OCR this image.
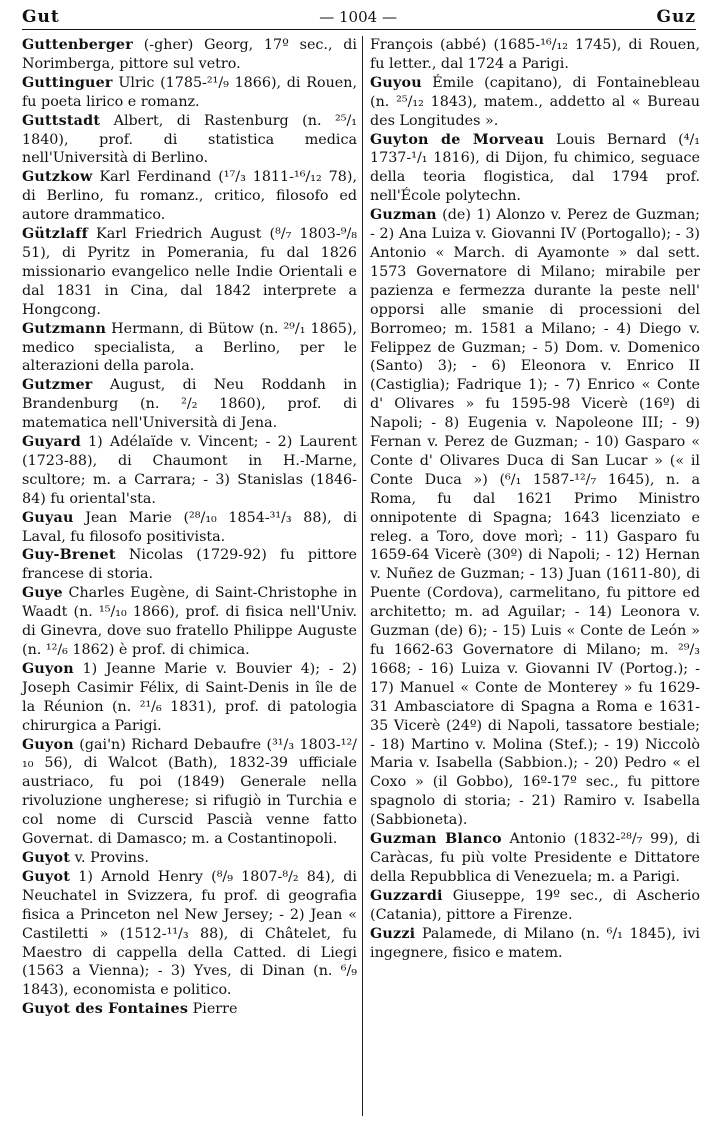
Gut	— 1004 —	Guz

Guttenberger (-gher) Georg, 17º sec., di Norimberga, pittore sul vetro.

Guttinguer Ulric (1785-²¹/₉ 1866), di Rouen, fu poeta lirico e romanz.

Guttstadt Albert, di Rastenburg (n. ²⁵/₁ 1840), prof. di statistica medica nell'Università di Berlino.

Gutzkow Karl Ferdinand (¹⁷/₃ 1811-¹⁶/₁₂ 78), di Berlino, fu romanz., critico, filosofo ed autore drammatico.

Gützlaff Karl Friedrich August (⁸/₇ 1803-⁹/₈ 51), di Pyritz in Pomerania, fu dal 1826 missionario evangelico nelle Indie Orientali e dal 1831 in Cina, dal 1842 interprete a Hongcong.

Gutzmann Hermann, di Bütow (n. ²⁹/₁ 1865), medico specialista, a Berlino, per le alterazioni della parola.

Gutzmer August, di Neu Roddanh in Brandenburg (n. ²/₂ 1860), prof. di matematica nell'Università di Jena.

Guyard 1) Adélaïde v. Vincent; - 2) Laurent (1723-88), di Chaumont in H.-Marne, scultore; m. a Carrara; - 3) Stanislas (1846-84) fu oriental'sta.

Guyau Jean Marie (²⁸/₁₀ 1854-³¹/₃ 88), di Laval, fu filosofo positivista.

Guy-Brenet Nicolas (1729-92) fu pittore francese di storia.

Guye Charles Eugène, di Saint-Christophe in Waadt (n. ¹⁵/₁₀ 1866), prof. di fisica nell'Univ. di Ginevra, dove suo fratello Philippe Auguste (n. ¹²/₆ 1862) è prof. di chimica.

Guyon 1) Jeanne Marie v. Bouvier 4); - 2) Joseph Casimir Félix, di Saint-Denis in île de la Réunion (n. ²¹/₆ 1831), prof. di patologia chirurgica a Parigi.

Guyon (gai'n) Richard Debaufre (³¹/₃ 1803-¹²/₁₀ 56), di Walcot (Bath), 1832-39 ufficiale austriaco, fu poi (1849) Generale nella rivoluzione ungherese; si rifugiò in Turchia e col nome di Curscid Pascià venne fatto Governat. di Damasco; m. a Costantinopoli.

Guyot v. Provins.

Guyot 1) Arnold Henry (⁸/₉ 1807-⁸/₂ 84), di Neuchatel in Svizzera, fu prof. di geografia fisica a Princeton nel New Jersey; - 2) Jean « Castiletti » (1512-¹¹/₃ 88), di Châtelet, fu Maestro di cappella della Catted. di Liegi (1563 a Vienna); - 3) Yves, di Dinan (n. ⁶/₉ 1843), economista e politico.

Guyot des Fontaines Pierre

François (abbé) (1685-¹⁶/₁₂ 1745), di Rouen, fu letter., dal 1724 a Parigi.

Guyou Émile (capitano), di Fontainebleau (n. ²⁵/₁₂ 1843), matem., addetto al « Bureau des Longitudes ».

Guyton de Morveau Louis Bernard (⁴/₁ 1737-¹/₁ 1816), di Dijon, fu chimico, seguace della teoria flogistica, dal 1794 prof. nell'École polytechn.

Guzman (de) 1) Alonzo v. Perez de Guzman; - 2) Ana Luiza v. Giovanni IV (Portogallo); - 3) Antonio « March. di Ayamonte » dal sett. 1573 Governatore di Milano; mirabile per pazienza e fermezza durante la peste nell' opporsi alle smanie di processioni del Borromeo; m. 1581 a Milano; - 4) Diego v. Felippez de Guzman; - 5) Dom. v. Domenico (Santo) 3); - 6) Eleonora v. Enrico II (Castiglia); Fadrique 1); - 7) Enrico « Conte d' Olivares » fu 1595-98 Vicerè (16º) di Napoli; - 8) Eugenia v. Napoleone III; - 9) Fernan v. Perez de Guzman; - 10) Gasparo « Conte d' Olivares Duca di San Lucar » (« il Conte Duca ») (⁶/₁ 1587-¹²/₇ 1645), n. a Roma, fu dal 1621 Primo Ministro onnipotente di Spagna; 1643 licenziato e releg. a Toro, dove morì; - 11) Gasparo fu 1659-64 Vicerè (30º) di Napoli; - 12) Hernan v. Nuñez de Guzman; - 13) Juan (1611-80), di Puente (Cordova), carmelitano, fu pittore ed architetto; m. ad Aguilar; - 14) Leonora v. Guzman (de) 6); - 15) Luis « Conte de León » fu 1662-63 Governatore di Milano; m. ²⁹/₃ 1668; - 16) Luiza v. Giovanni IV (Portog.); - 17) Manuel « Conte de Monterey » fu 1629-31 Ambasciatore di Spagna a Roma e 1631-35 Vicerè (24º) di Napoli, tassatore bestiale; - 18) Martino v. Molina (Stef.); - 19) Niccolò Maria v. Isabella (Sabbion.); - 20) Pedro « el Coxo » (il Gobbo), 16º-17º sec., fu pittore spagnolo di storia; - 21) Ramiro v. Isabella (Sabbioneta).

Guzman Blanco Antonio (1832-²⁸/₇ 99), di Caràcas, fu più volte Presidente e Dittatore della Repubblica di Venezuela; m. a Parigi.

Guzzardi Giuseppe, 19º sec., di Ascherio (Catania), pittore a Firenze.

Guzzi Palamede, di Milano (n. ⁶/₁ 1845), ivi ingegnere, fisico e matem.
